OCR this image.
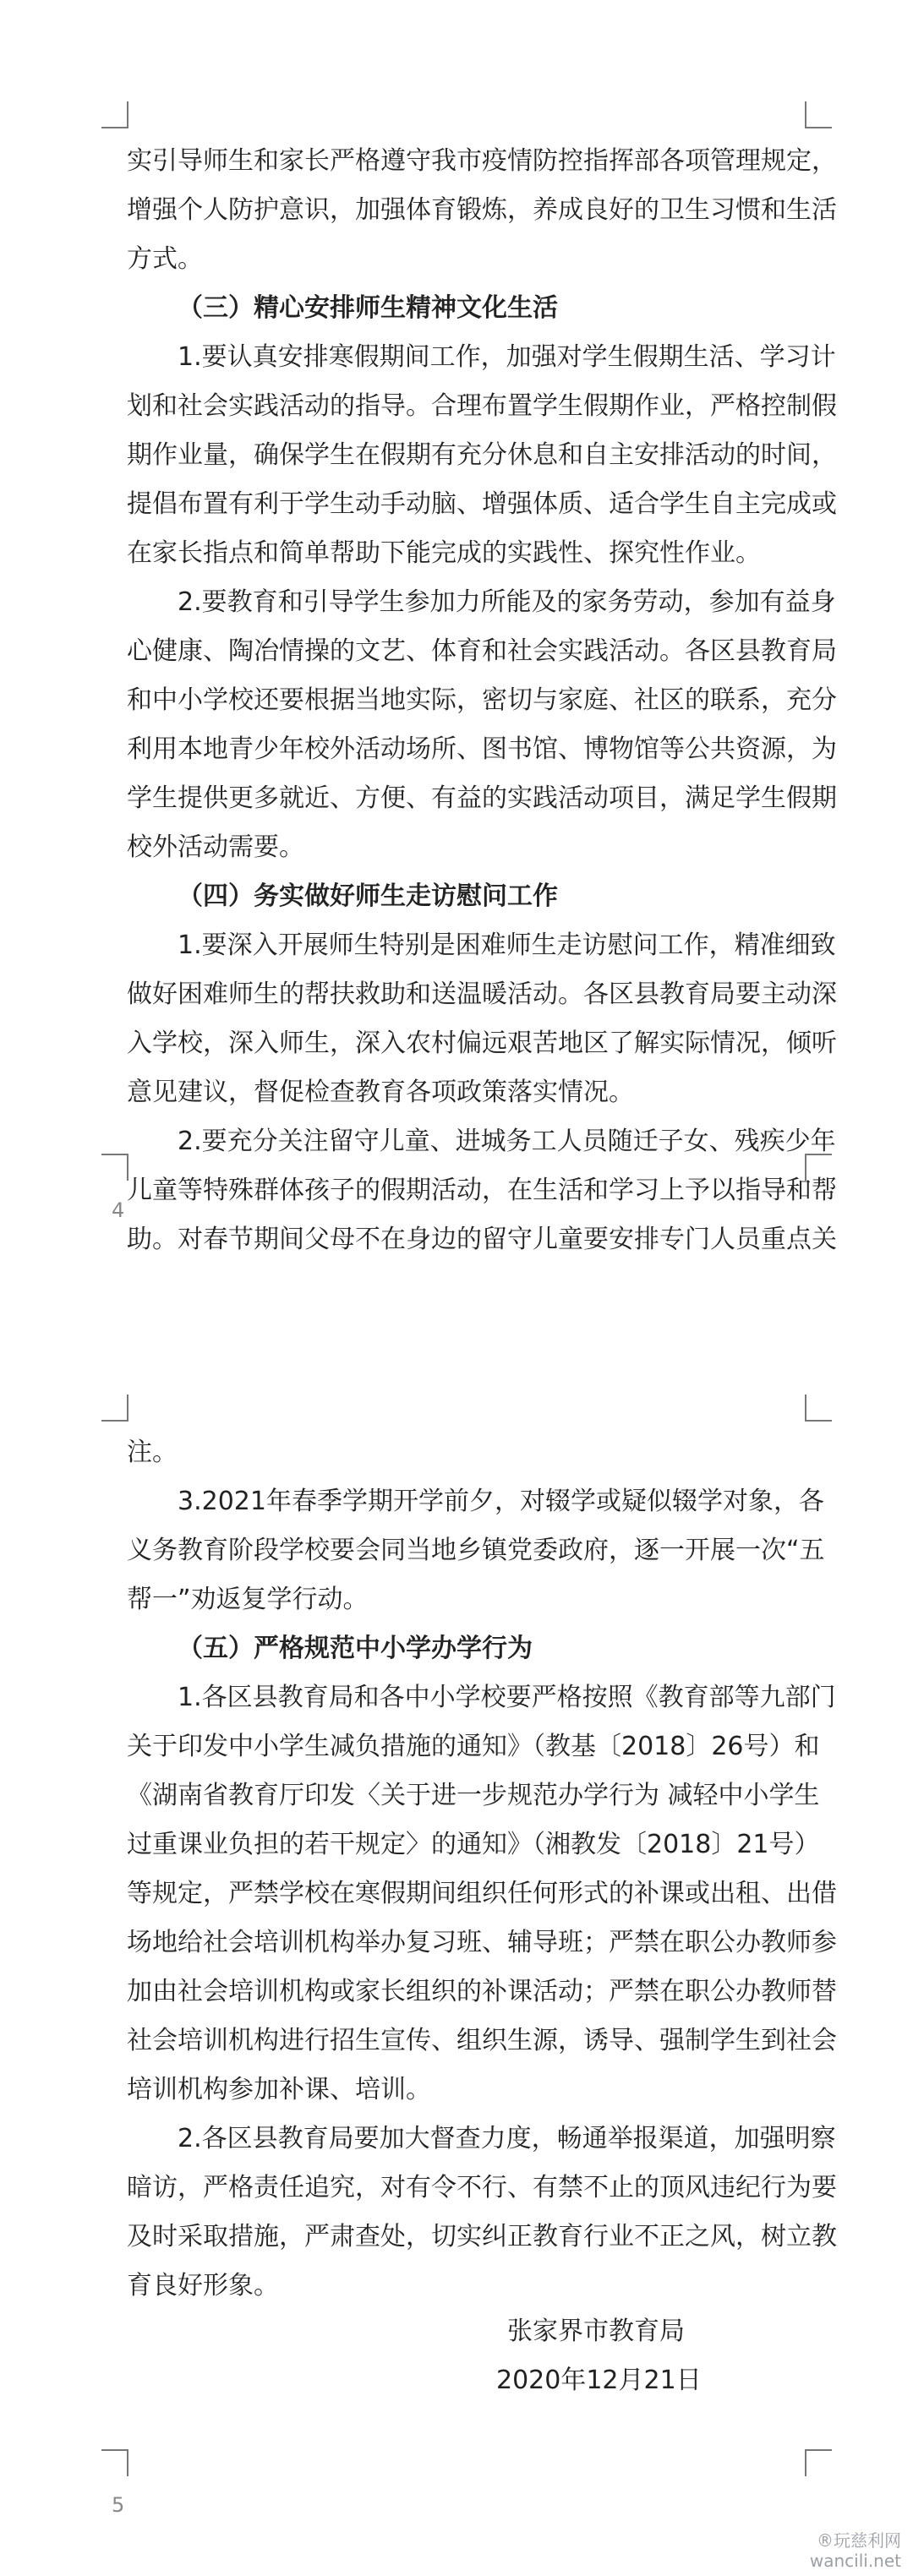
实引导师生和家长严格遵守我市疫情防控指挥部各项管理规定，
增强个人防护意识，加强体育锻炼，养成良好的卫生习惯和生活
方式。
（三）精心安排师生精神文化生活
1.要认真安排寒假期间工作，加强对学生假期生活、学习计
划和社会实践活动的指导。合理布置学生假期作业，严格控制假
期作业量，确保学生在假期有充分休息和自主安排活动的时间，
提倡布置有利于学生动手动脑、增强体质、适合学生自主完成或
在家长指点和简单帮助下能完成的实践性、探究性作业。
2.要教育和引导学生参加力所能及的家务劳动，参加有益身
心健康、陶冶情操的文艺、体育和社会实践活动。各区县教育局
和中小学校还要根据当地实际，密切与家庭、社区的联系，充分
利用本地青少年校外活动场所、图书馆、博物馆等公共资源，为
学生提供更多就近、方便、有益的实践活动项目，满足学生假期
校外活动需要。
（四）务实做好师生走访慰问工作
1.要深入开展师生特别是困难师生走访慰问工作，精准细致
做好困难师生的帮扶救助和送温暖活动。各区县教育局要主动深
入学校，深入师生，深入农村偏远艰苦地区了解实际情况，倾听
意见建议，督促检查教育各项政策落实情况。
2.要充分关注留守儿童、进城务工人员随迁子女、残疾少年
儿童等特殊群体孩子的假期活动，在生活和学习上予以指导和帮
助。对春节期间父母不在身边的留守儿童要安排专门人员重点关
4
注。
3.2021年春季学期开学前夕，对辍学或疑似辍学对象，各
义务教育阶段学校要会同当地乡镇党委政府，逐一开展一次“五
帮一”劝返复学行动。
（五）严格规范中小学办学行为
1.各区县教育局和各中小学校要严格按照《教育部等九部门
关于印发中小学生减负措施的通知》（教基〔2018〕26号）和
《湖南省教育厅印发〈关于进一步规范办学行为 减轻中小学生
过重课业负担的若干规定〉的通知》（湘教发〔2018〕21号）
等规定，严禁学校在寒假期间组织任何形式的补课或出租、出借
场地给社会培训机构举办复习班、辅导班；严禁在职公办教师参
加由社会培训机构或家长组织的补课活动；严禁在职公办教师替
社会培训机构进行招生宣传、组织生源，诱导、强制学生到社会
培训机构参加补课、培训。
2.各区县教育局要加大督查力度，畅通举报渠道，加强明察
暗访，严格责任追究，对有令不行、有禁不止的顶风违纪行为要
及时采取措施，严肃查处，切实纠正教育行业不正之风，树立教
育良好形象。
张家界市教育局
2020年12月21日
5
®玩慈利网
wancili.net
